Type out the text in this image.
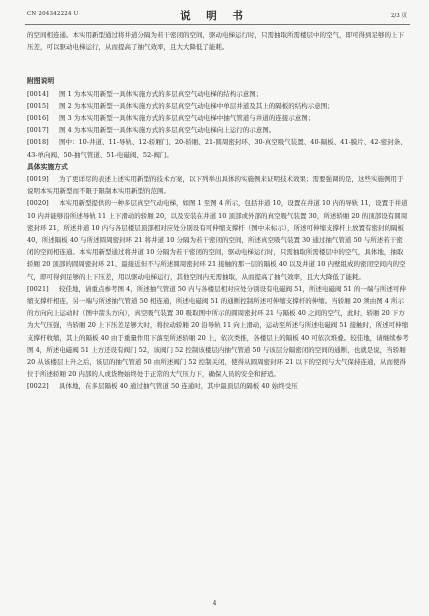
CN 204342224 U	说 明 书	2/3 页

的空间相连通。本实用新型通过将井道分隔为若干密闭的空间，驱动电梯运行时，只需抽取所需楼层中的空气，即可得到足够的上下压差，可以驱动电梯运行，从而提高了抽气效率，且大大降低了能耗。

附图说明

[0014] 图 1 为本实用新型一具体实施方式的多层真空气动电梯的结构示意图；

[0015] 图 2 为本实用新型一具体实施方式的多层真空气动电梯中单层井道及其上的隔板的结构示意图；

[0016] 图 3 为本实用新型一具体实施方式的多层真空气动电梯中抽气管道与井道的连接示意图；

[0017] 图 4 为本实用新型一具体实施方式的多层真空气动电梯向上运行的示意图。

[0018] 图中：10-井道、11-导轨、12-轿厢门、20-轿厢、21-圆周密封环、30-真空吸气装置、40-隔板、41-膜片、42-密封条、43-单向阀、50-抽气管道、51-电磁阀、52-阀门。

具体实施方式

[0019] 为了更详尽的表述上述实用新型的技术方案，以下列举出具体的实施例来证明技术效果；需要强调的是，这些实施例用于说明本实用新型而不限于限制本实用新型的范围。

[0020] 本实用新型提供的一种多层真空气动电梯，如图 1 至图 4 所示，包括井道 10，设置在井道 10 内的导轨 11，设置于井道 10 内并能够沿所述导轨 11 上下滑动的轿厢 20，以及安装在井道 10 顶部或外部的真空吸气装置 30，所述轿厢 20 的顶部设有圆周密封环 21，所述井道 10 内与各层楼层顶部相对应处分别设有可伸缩支撑杆（图中未标示），所述可伸缩支撑杆上放置有密封的隔板 40，所述隔板 40 与所述圆周密封环 21 将井道 10 分隔为若干密闭的空间，所述真空吸气装置 30 通过抽气管道 50 与所述若干密闭的空间相连通。本实用新型通过将井道 10 分隔为若干密闭的空间，驱动电梯运行时，只需抽取所需楼层中的空气，具体地，抽取轿厢 20 顶部的圆周密封环 21、最接近但不与所述圆周密封环 21 接触的那一层的隔板 40 以及井道 10 内壁组成的密闭空间内的空气，即可得到足够的上下压差，用以驱动电梯运行，其他空间内无需抽取，从而提高了抽气效率，且大大降低了能耗。

[0021] 较佳地，请重点参考图 4，所述抽气管道 50 内与各楼层相对应处分别设有电磁阀 51，所述电磁阀 51 的一端与所述可伸缩支撑杆相连，另一端与所述抽气管道 50 相连通，所述电磁阀 51 的通断控制所述可伸缩支撑杆的伸缩。当轿厢 20 须由图 4 所示的方向向上运动时（图中箭头方向），真空吸气装置 30 吸取图中所示的圆周密封环 21 与隔板 40 之间的空气，此时，轿厢 20 下方为大气压强，当轿厢 20 上下压差足够大时，将拉动轿厢 20 沿导轨 11 向上滑动，运动至所述与所述电磁阀 51 接触时，所述可伸缩支撑杆收缩，其上的隔板 40 由于重量作用下落至所述轿厢 20 上，依次类推，各楼层上的隔板 40 可依次堆叠。较佳地，请继续参考图 4，所述电磁阀 51 上方还设有阀门 52，该阀门 52 控制该楼层内抽气管道 50 与该层分隔密闭的空间的通断，也就是说，当轿厢 20 从该楼层上升之后，该层的抽气管道 50 由所述阀门 52 控制关闭，使得从圆周密封环 21 以下的空间与大气保持连通，从而使得位于所述轿厢 20 内部的人或货物始终处于正常的大气压力下，确保人员的安全和舒适。

[0022] 具体地，在多层隔板 40 通过抽气管道 50 连通时，其中最顶层的隔板 40 始终受压

4
